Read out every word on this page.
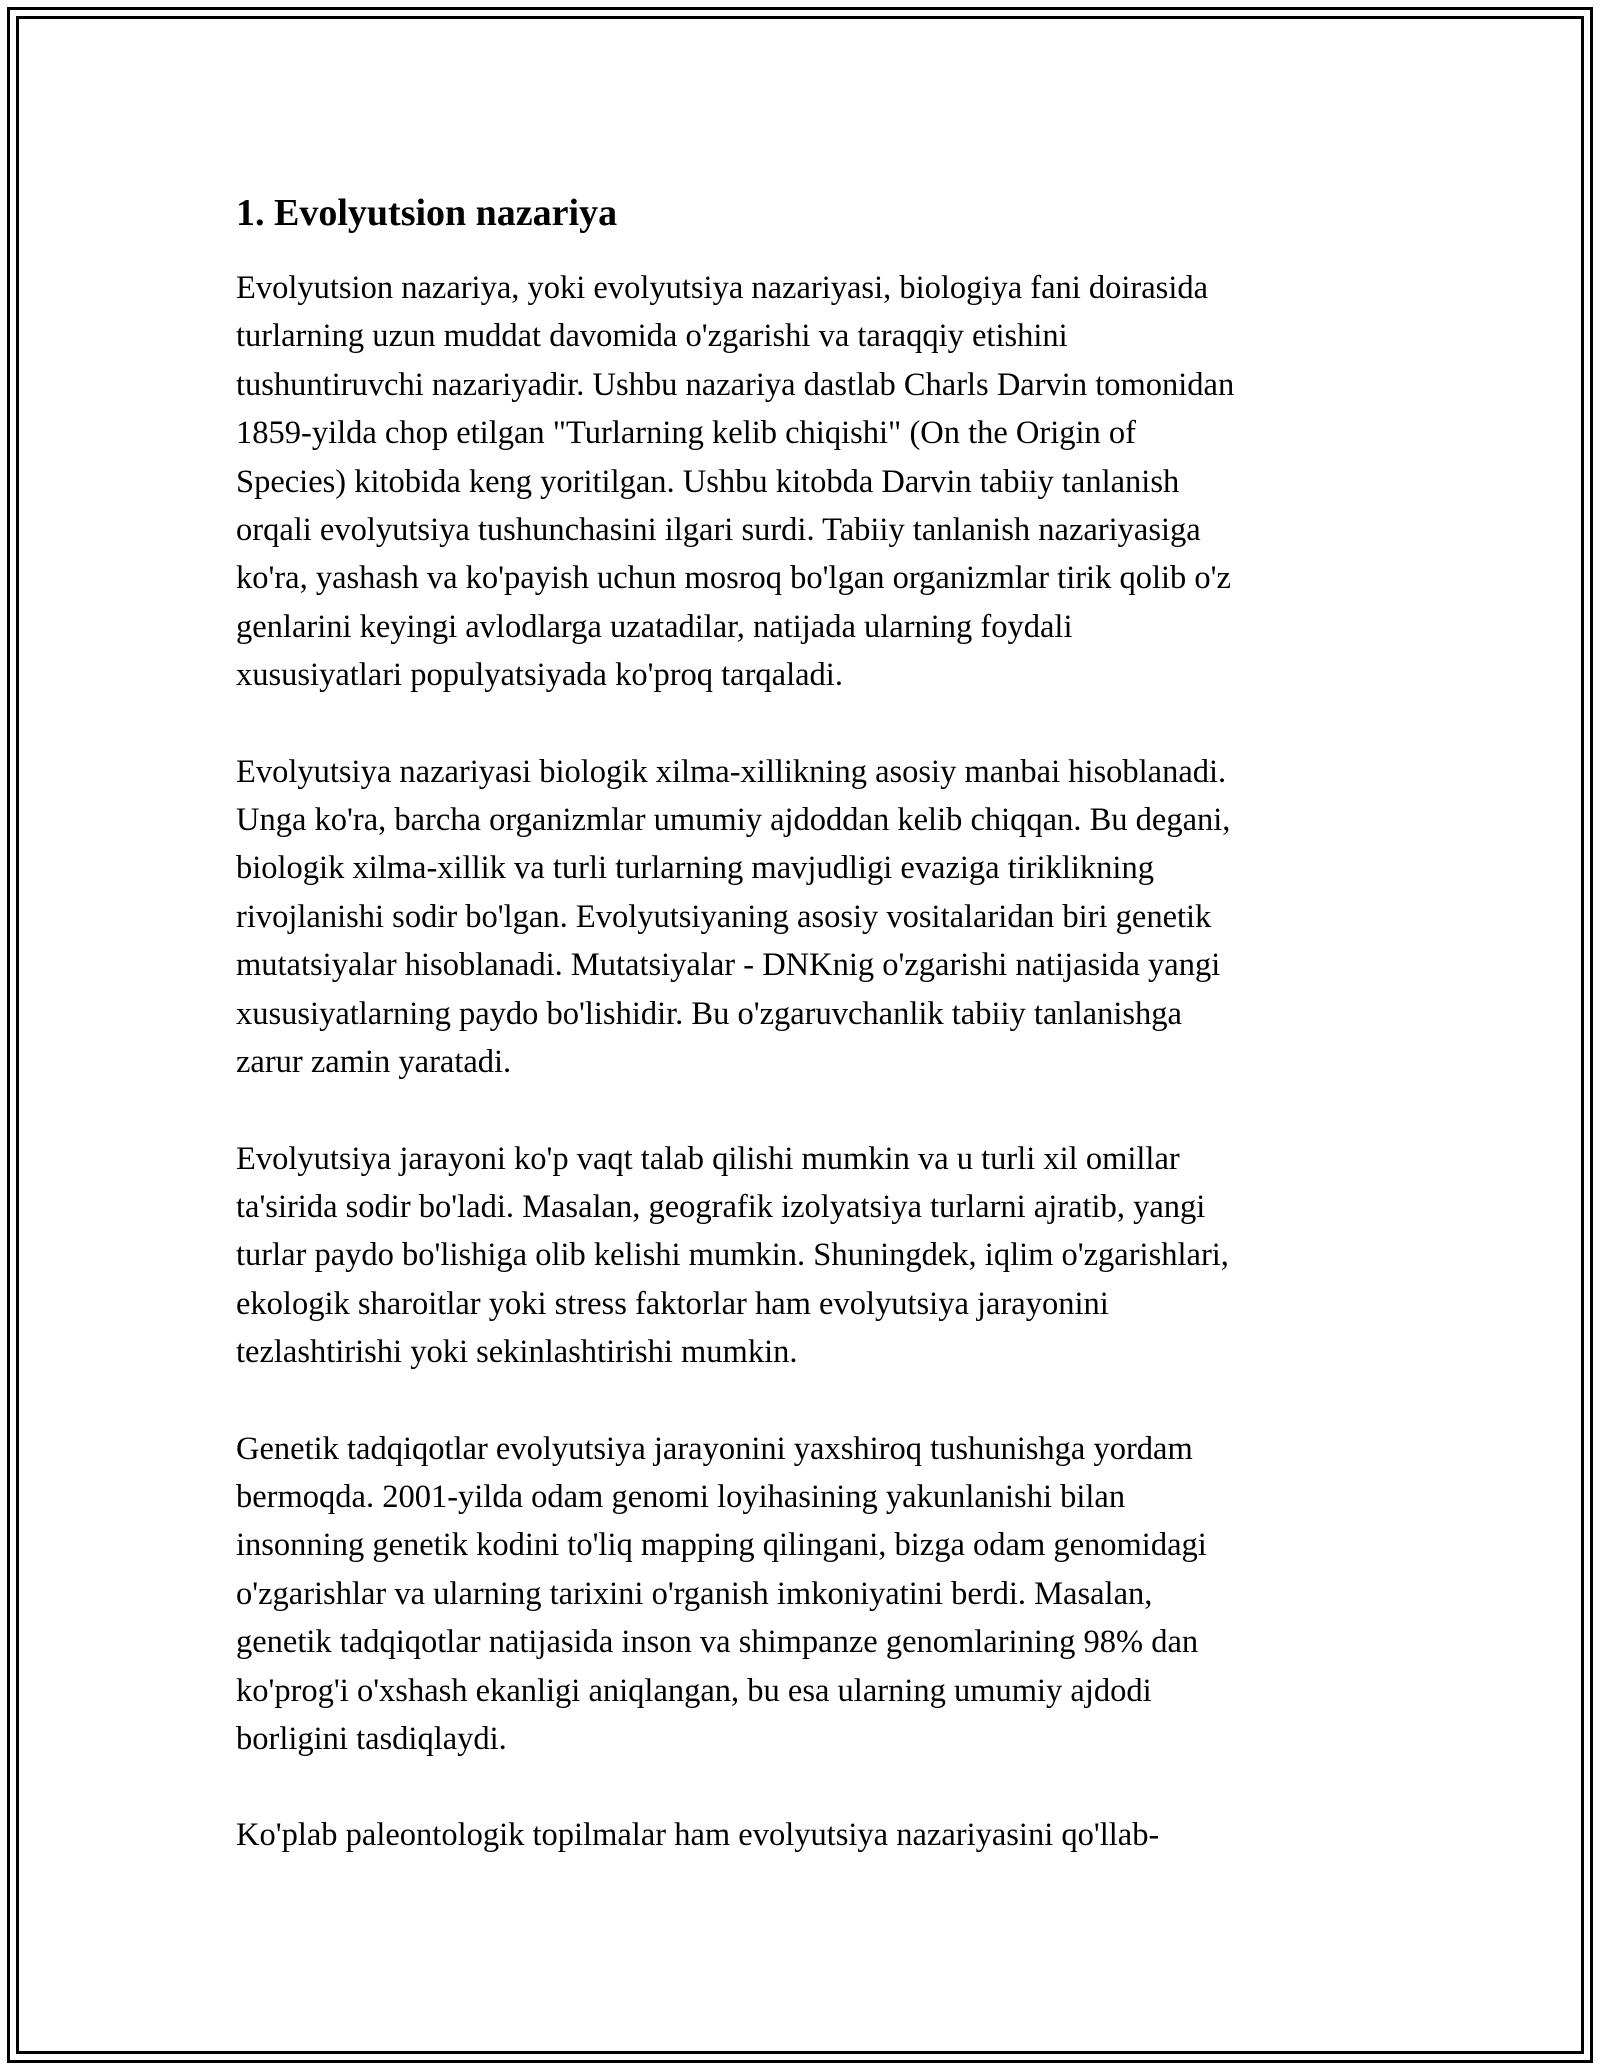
1. Evolyutsion nazariya

Evolyutsion nazariya, yoki evolyutsiya nazariyasi, biologiya fani doirasida
turlarning uzun muddat davomida o'zgarishi va taraqqiy etishini
tushuntiruvchi nazariyadir. Ushbu nazariya dastlab Charls Darvin tomonidan
1859-yilda chop etilgan "Turlarning kelib chiqishi" (On the Origin of
Species) kitobida keng yoritilgan. Ushbu kitobda Darvin tabiiy tanlanish
orqali evolyutsiya tushunchasini ilgari surdi. Tabiiy tanlanish nazariyasiga
ko'ra, yashash va ko'payish uchun mosroq bo'lgan organizmlar tirik qolib o'z
genlarini keyingi avlodlarga uzatadilar, natijada ularning foydali
xususiyatlari populyatsiyada ko'proq tarqaladi.

Evolyutsiya nazariyasi biologik xilma-xillikning asosiy manbai hisoblanadi.
Unga ko'ra, barcha organizmlar umumiy ajdoddan kelib chiqqan. Bu degani,
biologik xilma-xillik va turli turlarning mavjudligi evaziga tiriklikning
rivojlanishi sodir bo'lgan. Evolyutsiyaning asosiy vositalaridan biri genetik
mutatsiyalar hisoblanadi. Mutatsiyalar - DNKnig o'zgarishi natijasida yangi
xususiyatlarning paydo bo'lishidir. Bu o'zgaruvchanlik tabiiy tanlanishga
zarur zamin yaratadi.

Evolyutsiya jarayoni ko'p vaqt talab qilishi mumkin va u turli xil omillar
ta'sirida sodir bo'ladi. Masalan, geografik izolyatsiya turlarni ajratib, yangi
turlar paydo bo'lishiga olib kelishi mumkin. Shuningdek, iqlim o'zgarishlari,
ekologik sharoitlar yoki stress faktorlar ham evolyutsiya jarayonini
tezlashtirishi yoki sekinlashtirishi mumkin.

Genetik tadqiqotlar evolyutsiya jarayonini yaxshiroq tushunishga yordam
bermoqda. 2001-yilda odam genomi loyihasining yakunlanishi bilan
insonning genetik kodini to'liq mapping qilingani, bizga odam genomidagi
o'zgarishlar va ularning tarixini o'rganish imkoniyatini berdi. Masalan,
genetik tadqiqotlar natijasida inson va shimpanze genomlarining 98% dan
ko'prog'i o'xshash ekanligi aniqlangan, bu esa ularning umumiy ajdodi
borligini tasdiqlaydi.

Ko'plab paleontologik topilmalar ham evolyutsiya nazariyasini qo'llab-
